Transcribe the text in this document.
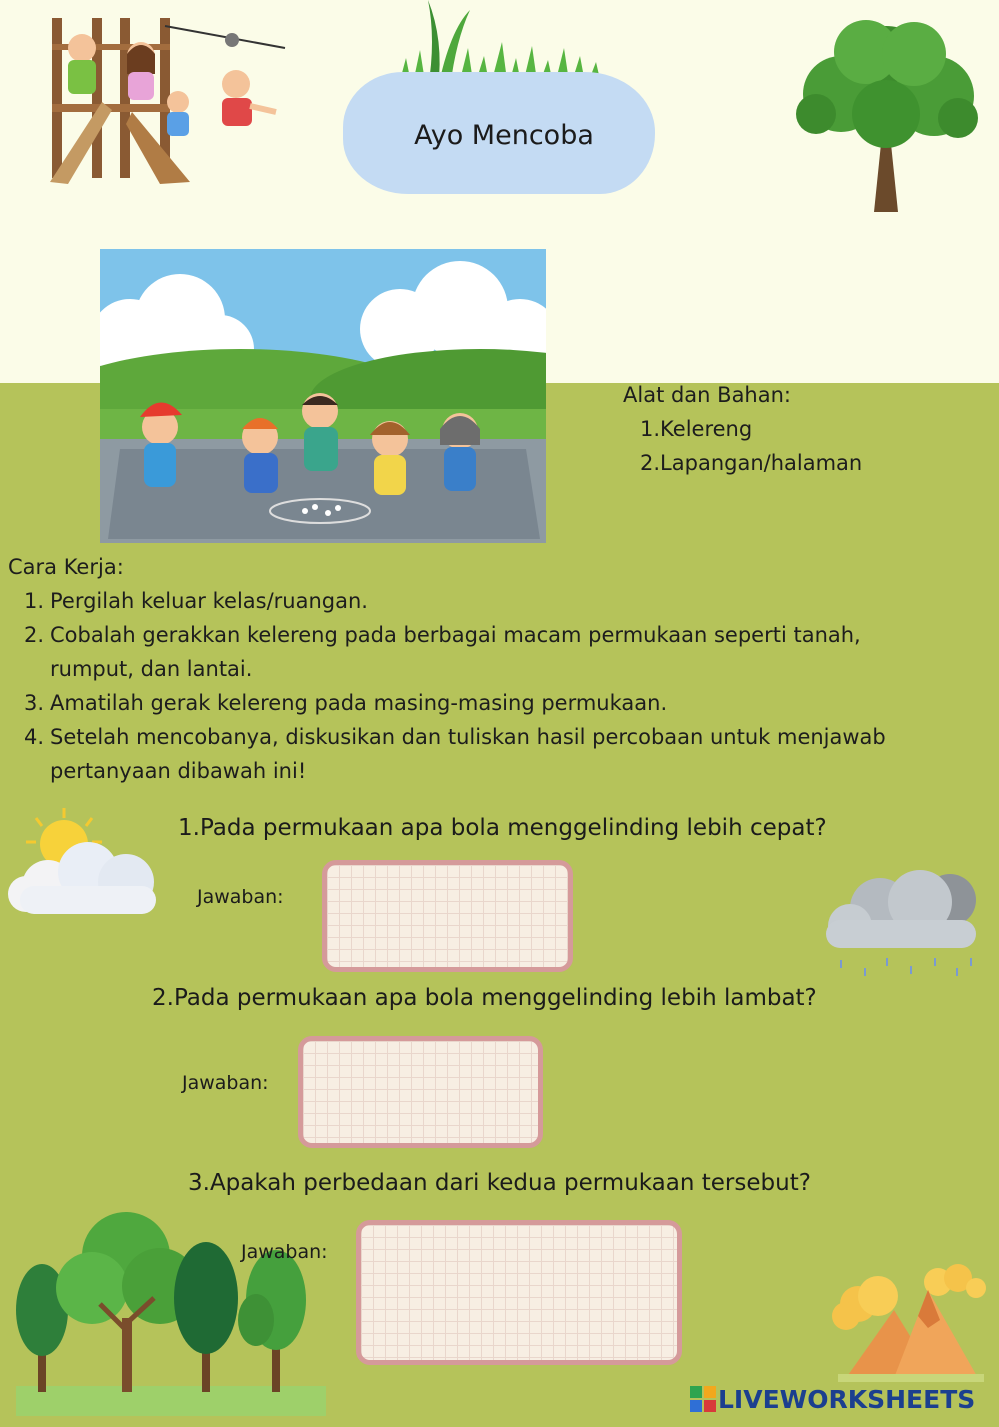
Ayo Mencoba
Alat dan Bahan:
1.Kelereng
2.Lapangan/halaman
Cara Kerja:
1. Pergilah keluar kelas/ruangan.
2. Cobalah gerakkan kelereng pada berbagai macam permukaan seperti tanah, rumput, dan lantai.
3. Amatilah gerak kelereng pada masing-masing permukaan.
4. Setelah mencobanya, diskusikan dan tuliskan hasil percobaan untuk menjawab pertanyaan dibawah ini!
1.Pada permukaan apa bola menggelinding lebih cepat?
Jawaban:
2.Pada permukaan apa bola menggelinding lebih lambat?
Jawaban:
3.Apakah perbedaan dari kedua permukaan tersebut?
Jawaban:
LIVEWORKSHEETS
